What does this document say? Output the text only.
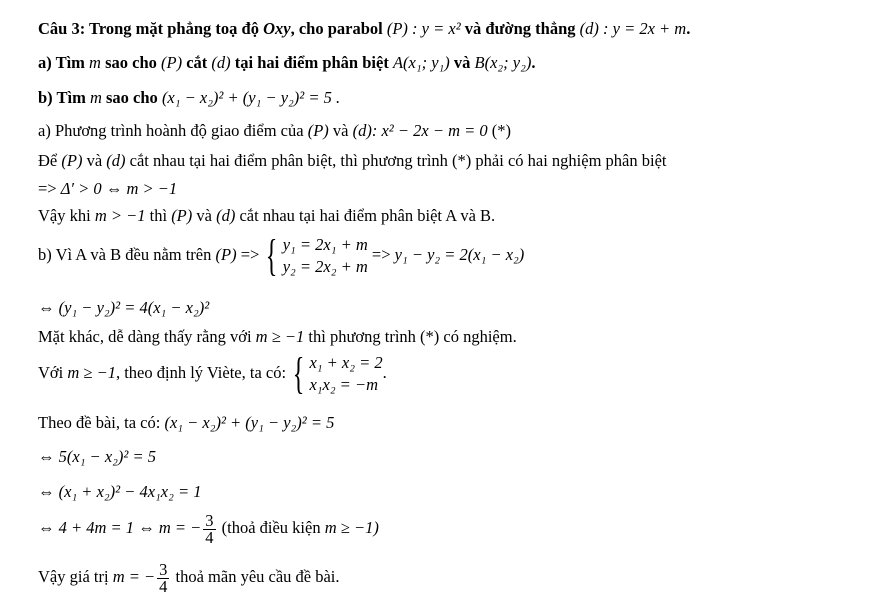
Câu 3: Trong mặt phẳng toạ độ Oxy, cho parabol (P) : y = x² và đường thẳng (d) : y = 2x + m.
a) Tìm m sao cho (P) cắt (d) tại hai điểm phân biệt A(x₁; y₁) và B(x₂; y₂).
b) Tìm m sao cho (x₁ − x₂)² + (y₁ − y₂)² = 5 .
a) Phương trình hoành độ giao điểm của (P) và (d): x² − 2x − m = 0 (*)
Để (P) và (d) cắt nhau tại hai điểm phân biệt, thì phương trình (*) phải có hai nghiệm phân biệt
=> Δ′ > 0 ⇔ m > −1
Vậy khi m > −1 thì (P) và (d) cắt nhau tại hai điểm phân biệt A và B.
b) Vì A và B đều nằm trên (P) => { y₁ = 2x₁ + m
y₂ = 2x₂ + m
=> y₁ − y₂ = 2(x₁ − x₂)
⇔ (y₁ − y₂)² = 4(x₁ − x₂)²
Mặt khác, dễ dàng thấy rằng với m ≥ −1 thì phương trình (*) có nghiệm.
Với m ≥ −1, theo định lý Viète, ta có: { x₁ + x₂ = 2
x₁x₂ = −m
.
Theo đề bài, ta có: (x₁ − x₂)² + (y₁ − y₂)² = 5
⇔ 5(x₁ − x₂)² = 5
⇔ (x₁ + x₂)² − 4x₁x₂ = 1
⇔ 4 + 4m = 1 ⇔ m = − $\frac{3}{4}$ (thoả điều kiện m ≥ −1)
Vậy giá trị m = − $\frac{3}{4}$ thoả mãn yêu cầu đề bài.
